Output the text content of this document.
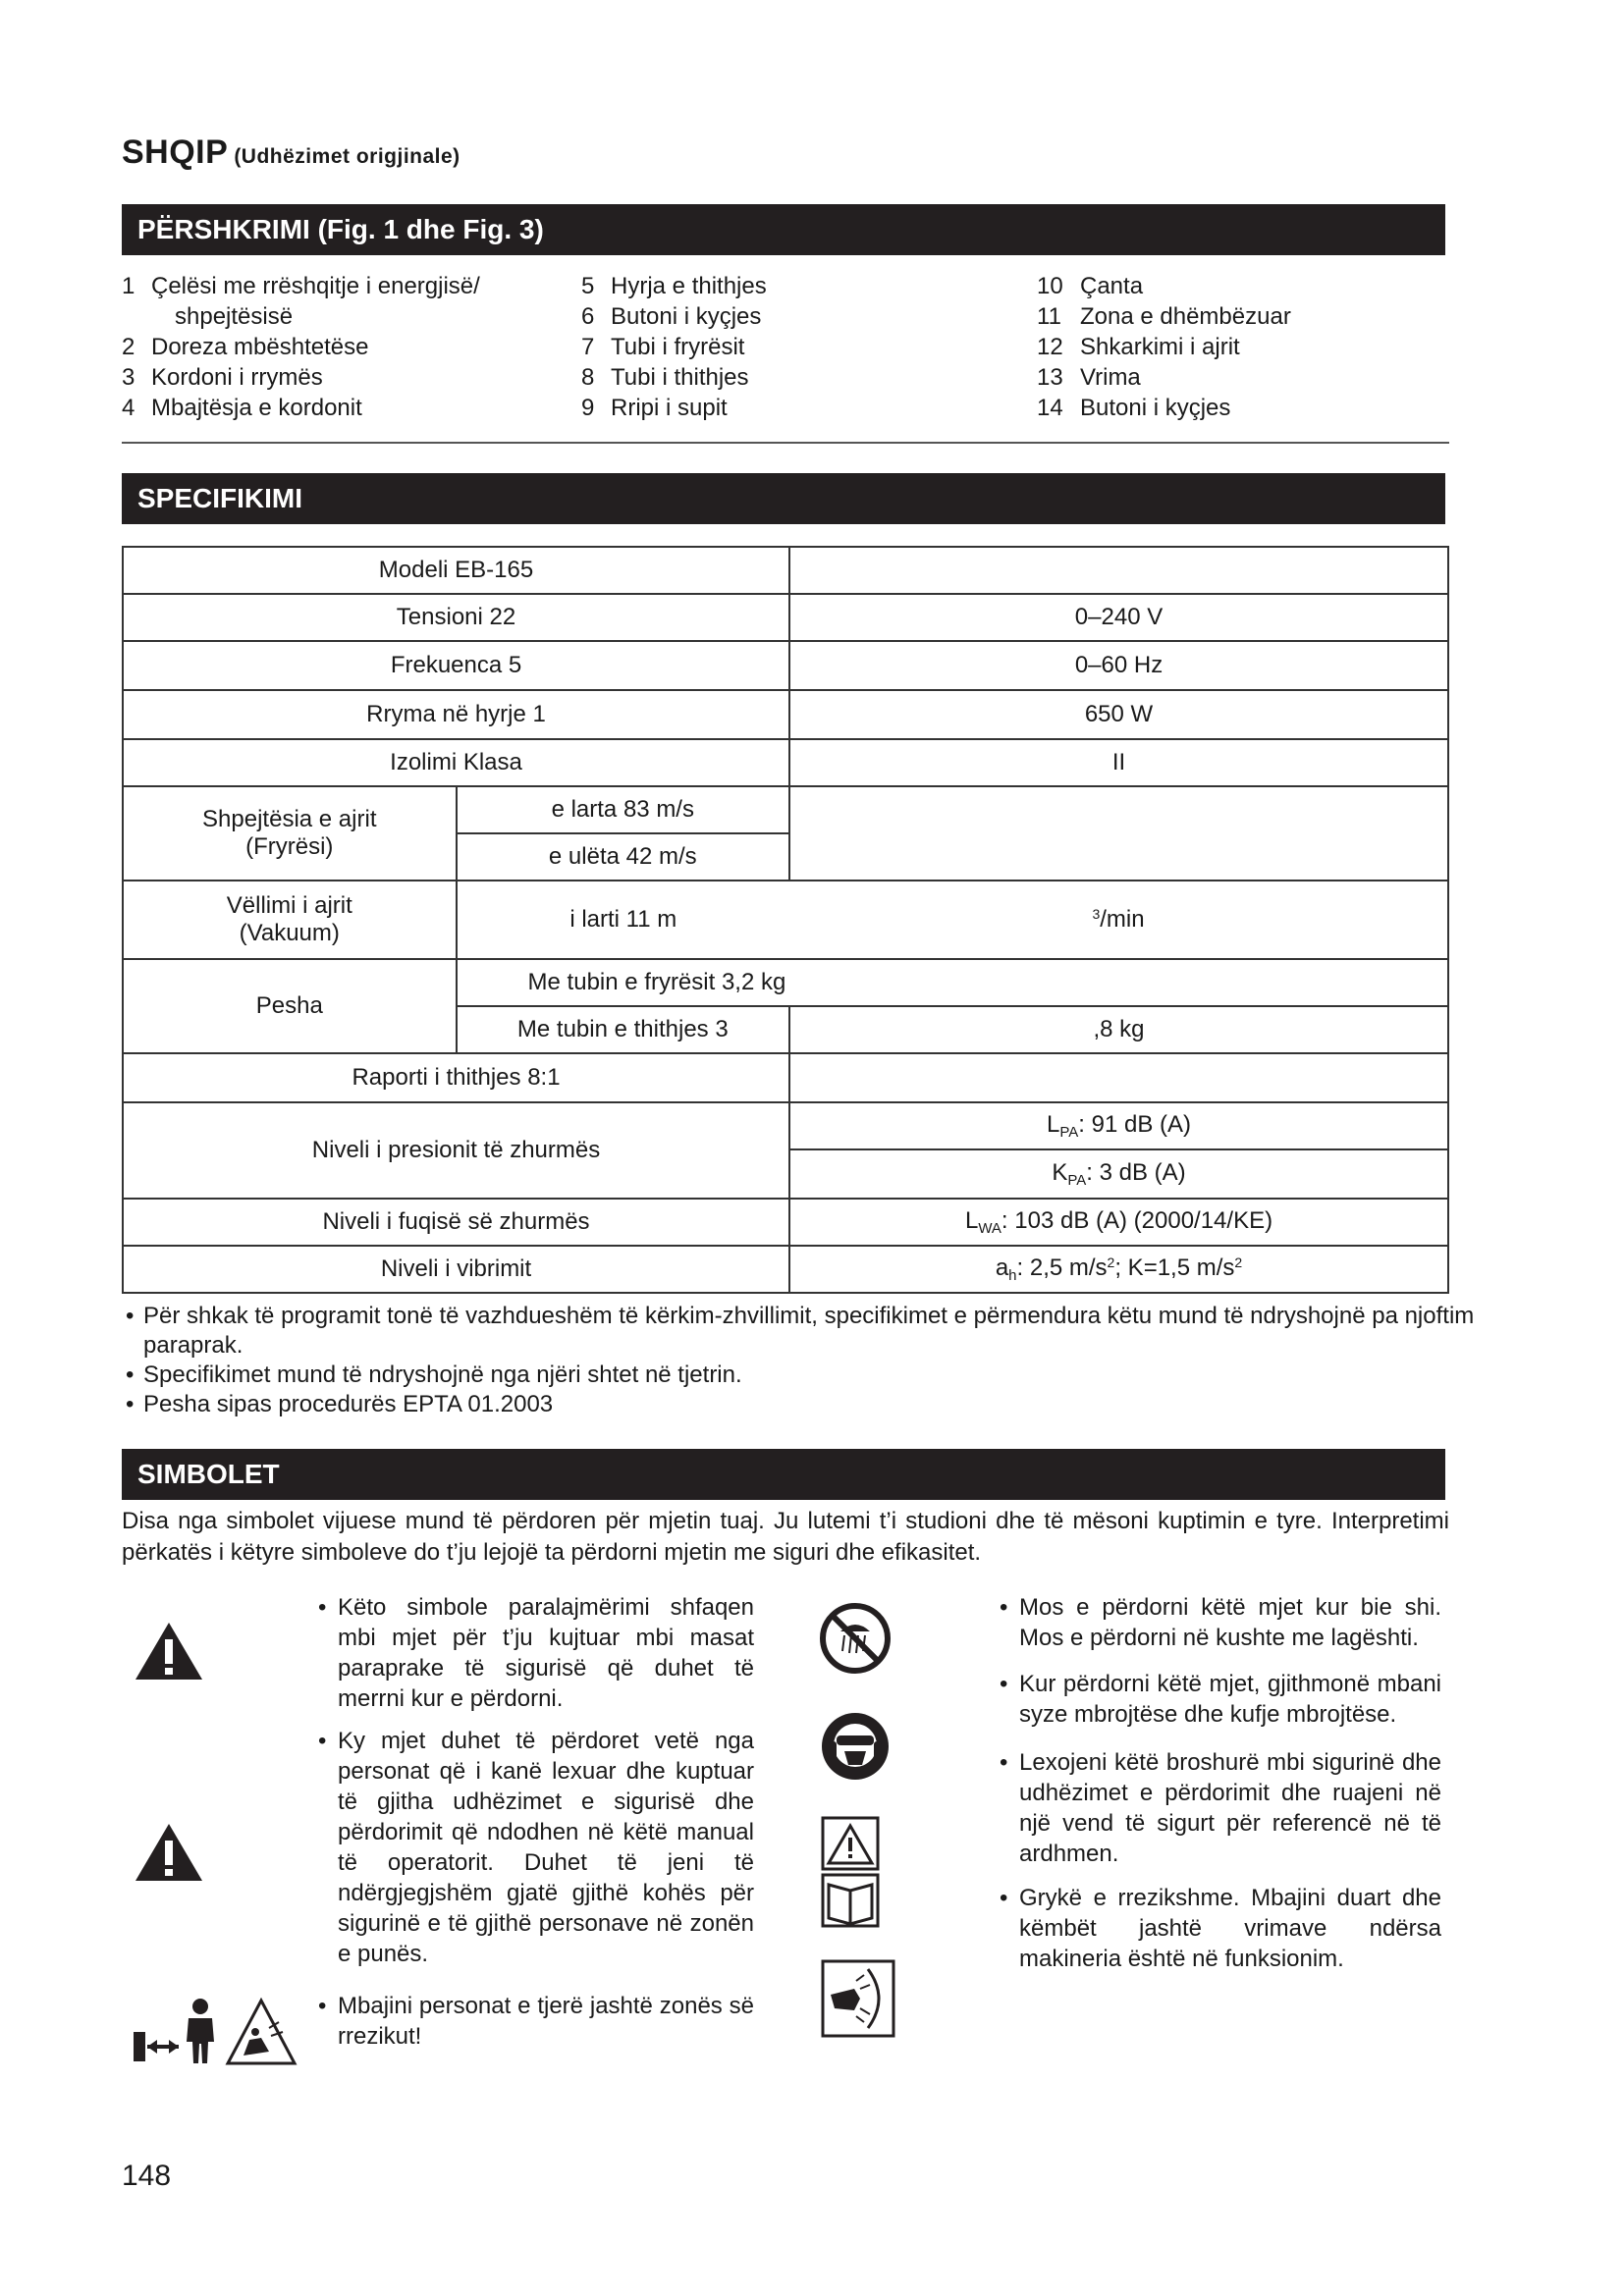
SHQIP (Udhëzimet origjinale)
PËRSHKRIMI (Fig. 1 dhe Fig. 3)
1 Çelësi me rrëshqitje i energjisë/
shpejtësisë
2 Doreza mbështetëse
3 Kordoni i rrymës
4 Mbajtësja e kordonit
5 Hyrja e thithjes
6 Butoni i kyçjes
7 Tubi i fryrësit
8 Tubi i thithjes
9 Rripi i supit
10 Çanta
11 Zona e dhëmbëzuar
12 Shkarkimi i ajrit
13 Vrima
14 Butoni i kyçjes
SPECIFIKIMI
Modeli EB-165		
Tensioni 22		0–240 V
Frekuenca 5		0–60 Hz
Rryma në hyrje 1		650 W
Izolimi Klasa		II

Shpejtësia e ajrit
(Fryrësi)	e larta 83 m/s	
	e ulëta 42 m/s	

Vëllimi i ajrit
(Vakuum)	i larti 11 m	$^3$/min
Pesha	Me tubin e fryrësit 3,2 kg	
	Me tubin e thithjes 3	,8 kg
Raporti i thithjes 8:1		
Niveli i presionit të zhurmës		$L_{PA}$: 91 dB (A)
		$K_{PA}$: 3 dB (A)
Niveli i fuqisë së zhurmës		$L_{WA}$: 103 dB (A) (2000/14/KE)
Niveli i vibrimit		$a_h$: 2,5 $m/s^2$; K=1,5 $m/s^2$
• Për shkak të programit tonë të vazhdueshëm të kërkim-zhvillimit, specifikimet e përmendura këtu mund të ndryshojnë pa njoftim paraprak.
• Specifikimet mund të ndryshojnë nga njëri shtet në tjetrin.
• Pesha sipas procedurës EPTA 01.2003
SIMBOLET
Disa nga simbolet vijuese mund të përdoren për mjetin tuaj. Ju lutemi t’i studioni dhe të mësoni kuptimin e tyre. Interpretimi përkatës i këtyre simboleve do t’ju lejojë ta përdorni mjetin me siguri dhe efikasitet.
• Këto simbole paralajmërimi shfaqen mbi mjet për t’ju kujtuar mbi masat paraprake të sigurisë që duhet të merrni kur e përdorni.
• Ky mjet duhet të përdoret vetë nga personat që i kanë lexuar dhe kuptuar të gjitha udhëzimet e sigurisë dhe përdorimit që ndodhen në këtë manual të operatorit. Duhet të jeni të ndërgjegjshëm gjatë gjithë kohës për sigurinë e të gjithë personave në zonën e punës.
• Mbajini personat e tjerë jashtë zonës së rrezikut!
• Mos e përdorni këtë mjet kur bie shi. Mos e përdorni në kushte me lagështi.
• Kur përdorni këtë mjet, gjithmonë mbani syze mbrojtëse dhe kufje mbrojtëse.
• Lexojeni këtë broshurë mbi sigurinë dhe udhëzimet e përdorimit dhe ruajeni në një vend të sigurt për referencë në të ardhmen.
• Grykë e rrezikshme. Mbajini duart dhe këmbët jashtë vrimave ndërsa makineria është në funksionim.
148
